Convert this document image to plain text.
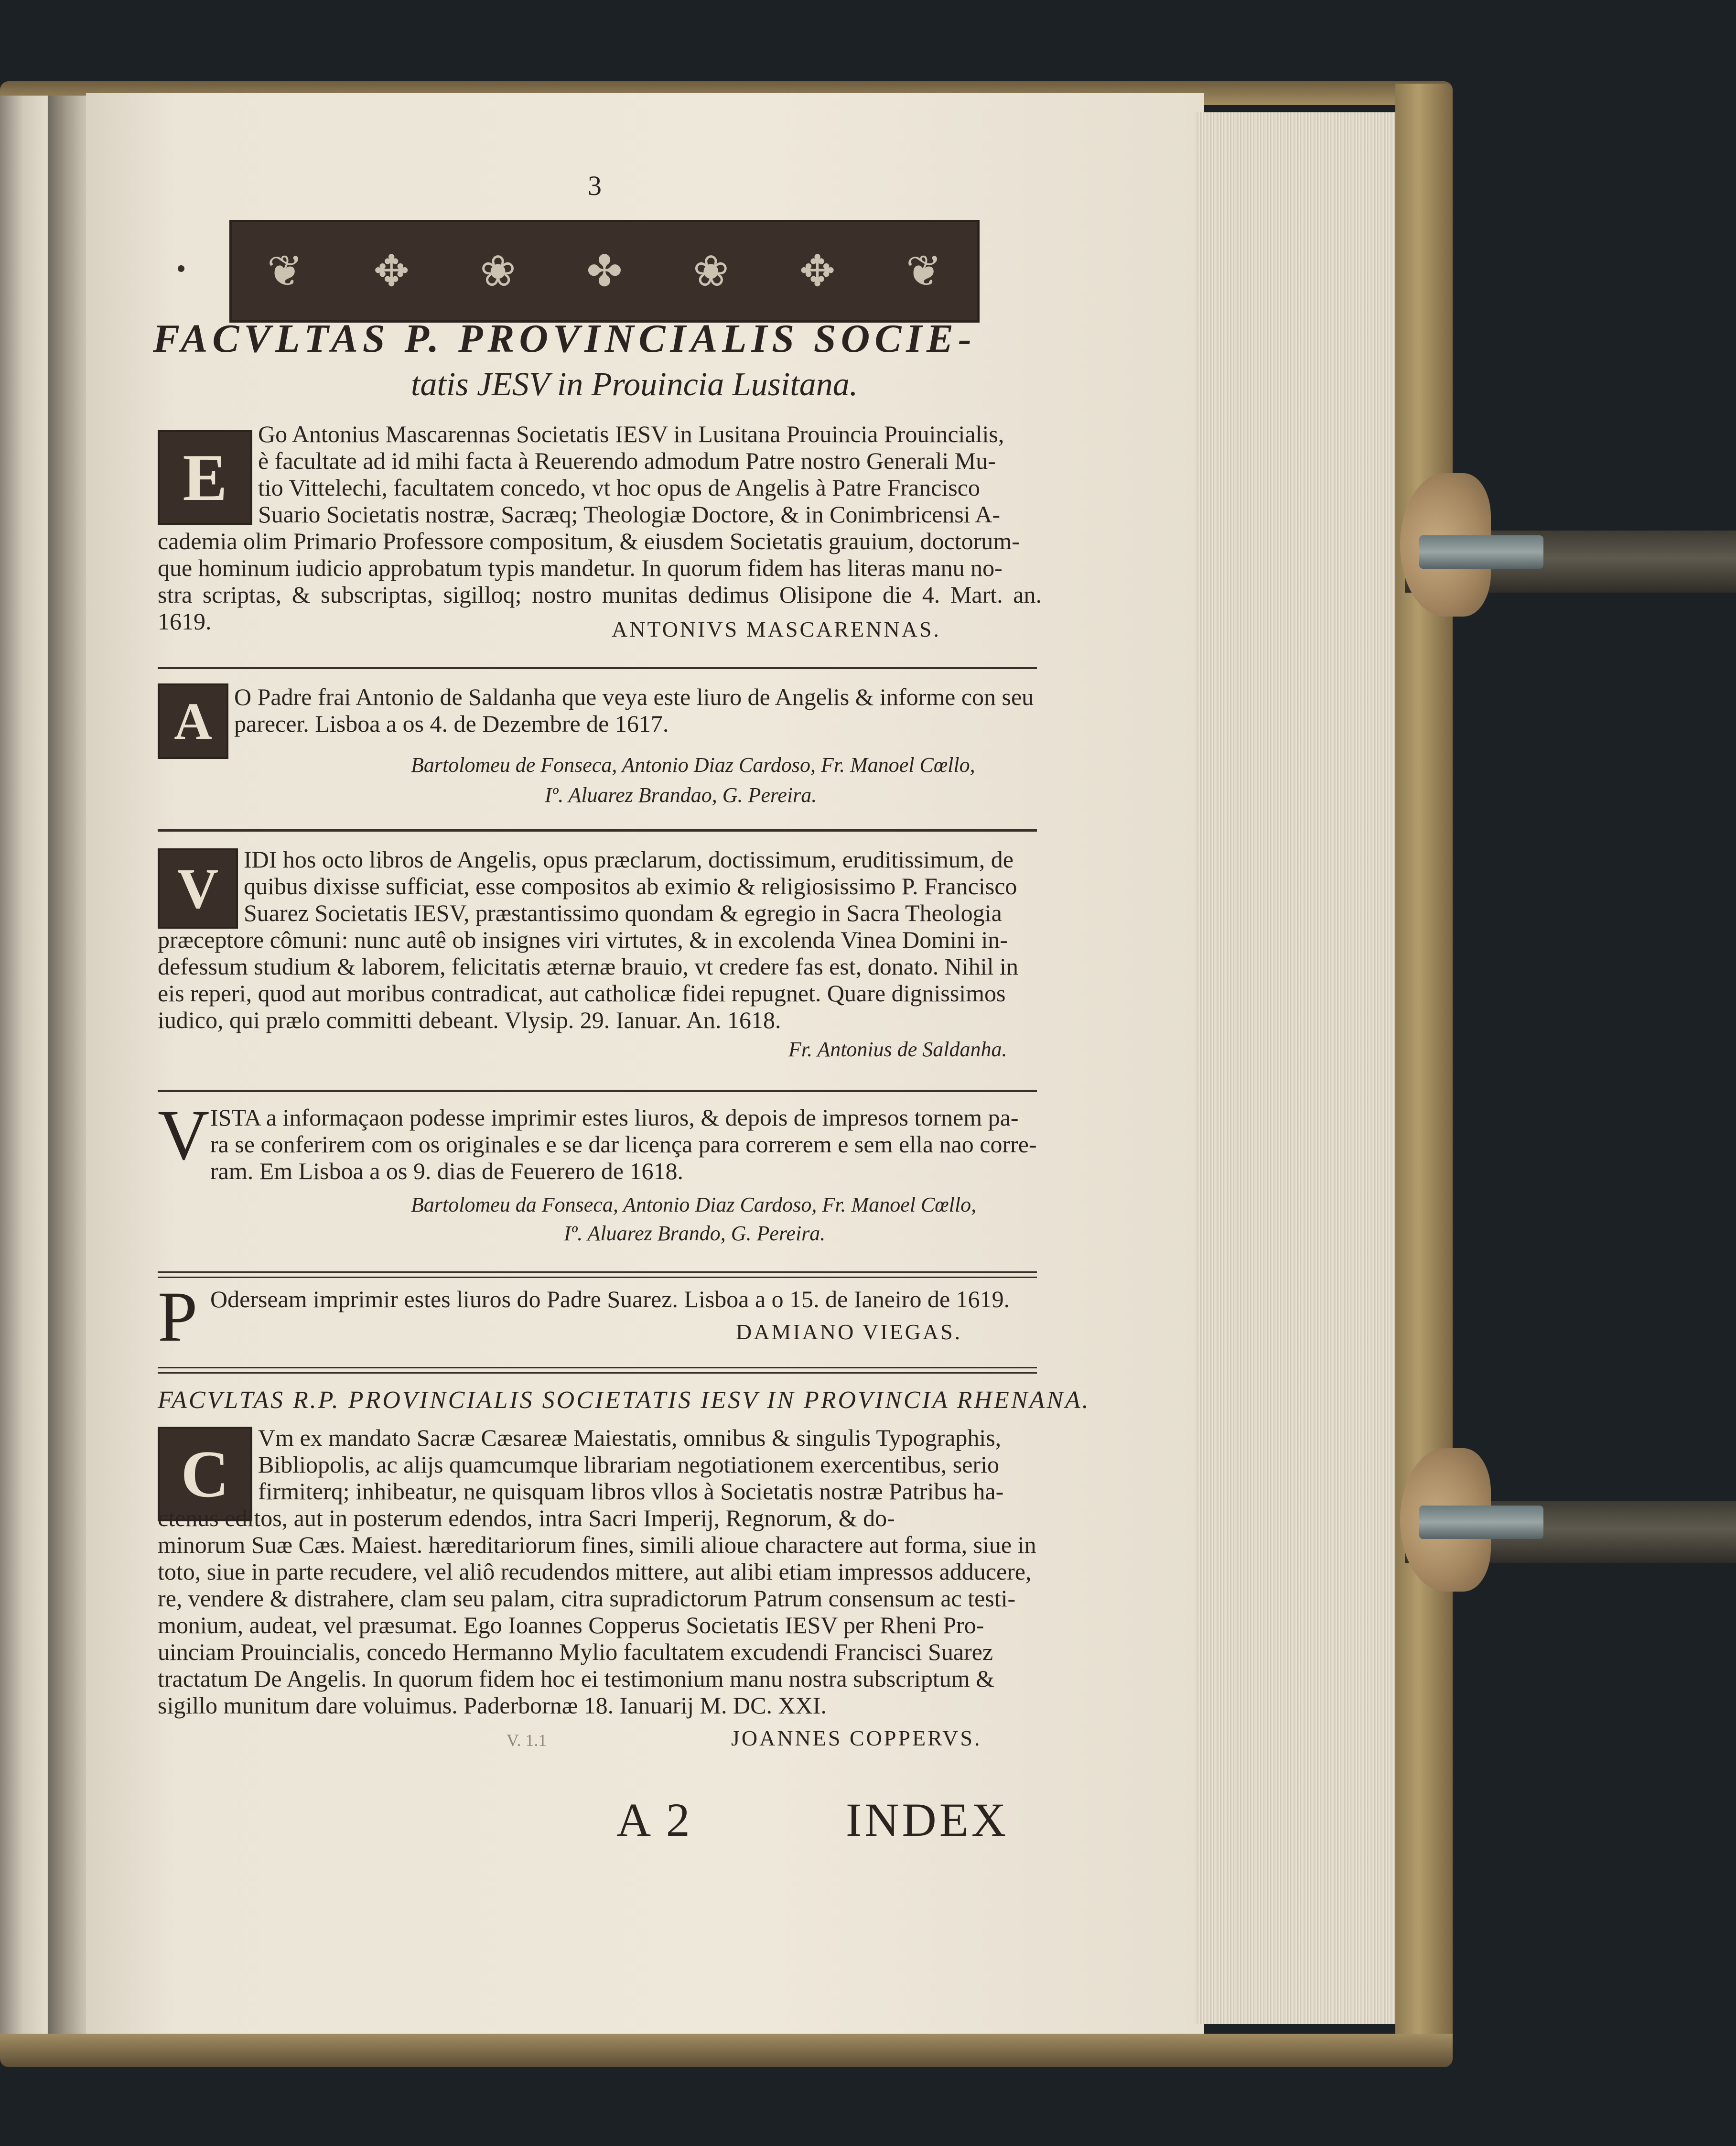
3
❦ ✥ ❀ ✤ ❀ ✥ ❦
FACVLTAS P. PROVINCIALIS SOCIE-
tatis JESV in Prouincia Lusitana.
E
Go Antonius Mascarennas Societatis IESV in Lusitana Prouincia Prouincialis,
è facultate ad id mihi facta à Reuerendo admodum Patre nostro Generali Mu-
tio Vittelechi, facultatem concedo, vt hoc opus de Angelis à Patre Francisco
Suario Societatis nostræ, Sacræq; Theologiæ Doctore, & in Conimbricensi A-
cademia olim Primario Professore compositum, & eiusdem Societatis grauium, doctorum-
que hominum iudicio approbatum typis mandetur. In quorum fidem has literas manu no-
stra scriptas, & subscriptas, sigilloq; nostro munitas dedimus Olisipone die 4. Mart. an. 1619.	ANTONIVS MASCARENNAS.
A O Padre frai Antonio de Saldanha que veya este liuro de Angelis & informe con seu
parecer. Lisboa a os 4. de Dezembre de 1617.
Bartolomeu de Fonseca, Antonio Diaz Cardoso, Fr. Manoel Cœllo,
Iº. Aluarez Brandao, G. Pereira.
V	IDI hos octo libros de Angelis, opus præclarum, doctissimum, eruditissimum, de
quibus dixisse sufficiat, esse compositos ab eximio & religiosissimo P. Francisco
Suarez Societatis IESV, præstantissimo quondam & egregio in Sacra Theologia
præceptore cômuni: nunc autê ob insignes viri virtutes, & in excolenda Vinea Domini in-
defessum studium & laborem, felicitatis æternæ brauio, vt credere fas est, donato. Nihil in
eis reperi, quod aut moribus contradicat, aut catholicæ fidei repugnet. Quare dignissimos
iudico, qui prælo committi debeant. Vlysip. 29. Ianuar. An. 1618.
Fr. Antonius de Saldanha.
V ISTA a informaçaon podesse imprimir estes liuros, & depois de impresos tornem pa-
ra se conferirem com os originales e se dar licença para correrem e sem ella nao corre-
ram. Em Lisboa a os 9. dias de Feuerero de 1618.
Bartolomeu da Fonseca, Antonio Diaz Cardoso, Fr. Manoel Cœllo,
Iº. Aluarez Brando, G. Pereira.
P Oderseam imprimir estes liuros do Padre Suarez. Lisboa a o 15. de Ianeiro de 1619.
DAMIANO VIEGAS.
FACVLTAS R.P. PROVINCIALIS SOCIETATIS IESV IN PROVINCIA RHENANA.
C	Vm ex mandato Sacræ Cæsareæ Maiestatis, omnibus & singulis Typographis,
Bibliopolis, ac alijs quamcumque librariam negotiationem exercentibus, serio
firmiterq; inhibeatur, ne quisquam libros vllos à Societatis nostræ Patribus ha-
ctenus editos, aut in posterum edendos, intra Sacri Imperij, Regnorum, & do-
minorum Suæ Cæs. Maiest. hæreditariorum fines, simili alioue charactere aut forma, siue in
toto, siue in parte recudere, vel aliô recudendos mittere, aut alibi etiam impressos adducere,
re, vendere & distrahere, clam seu palam, citra supradictorum Patrum consensum ac testi-
monium, audeat, vel præsumat. Ego Ioannes Copperus Societatis IESV per Rheni Pro-
uinciam Prouincialis, concedo Hermanno Mylio facultatem excudendi Francisci Suarez
tractatum De Angelis. In quorum fidem hoc ei testimonium manu nostra subscriptum &
sigillo munitum dare voluimus. Paderbornæ 18. Ianuarij M. DC. XXI.
V. 1.1	JOANNES COPPERVS.
A 2	INDEX
